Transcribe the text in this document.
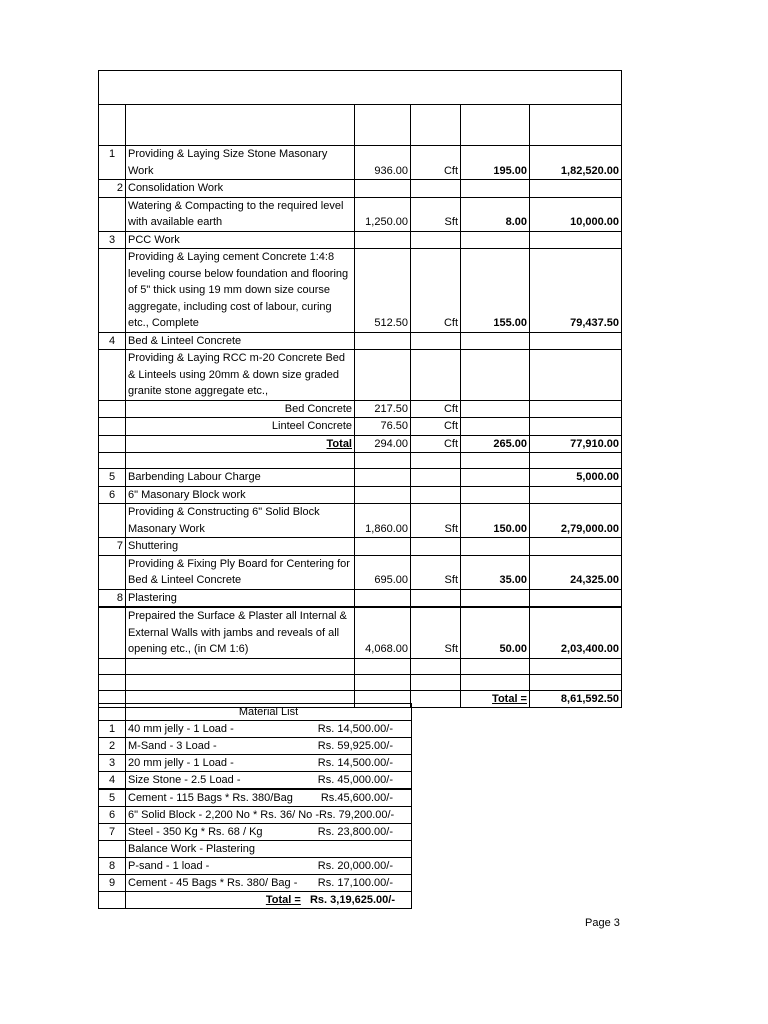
1	Providing & Laying Size Stone Masonary Work	936.00	Cft	195.00	1,82,520.00
2	Consolidation Work				
	Watering & Compacting to the required level with available earth	1,250.00	Sft	8.00	10,000.00
3	PCC Work				
	Providing & Laying cement Concrete 1:4:8 leveling course below foundation and flooring of 5" thick using 19 mm down size course aggregate, including cost of labour, curing etc., Complete	512.50	Cft	155.00	79,437.50
4	Bed & Linteel Concrete				
	Providing & Laying RCC m-20 Concrete Bed & Linteels using 20mm & down size graded granite stone aggregate etc.,				
	Bed Concrete	217.50	Cft		
	Linteel Concrete	76.50	Cft		
	Total	294.00	Cft	265.00	77,910.00

5	Barbending Labour Charge				5,000.00
6	6" Masonary Block work				
	Providing & Constructing 6" Solid Block Masonary Work	1,860.00	Sft	150.00	2,79,000.00
7	Shuttering				
	Providing & Fixing Ply Board for Centering for Bed & Linteel Concrete	695.00	Sft	35.00	24,325.00
8	Plastering				
	Prepaired the Surface & Plaster all Internal & External Walls with jambs and reveals of all opening etc., (in CM 1:6)	4,068.00	Sft	50.00	2,03,400.00

				Total =	8,61,592.50
	Material List
1	40 mm jelly - 1 Load - Rs. 14,500.00/-

2	M-Sand - 3 Load - Rs. 59,925.00/-

3	20 mm jelly - 1 Load - Rs. 14,500.00/-

4	Size Stone - 2.5 Load - Rs. 45,000.00/-

5	Cement - 115 Bags * Rs. 380/Bag Rs.45,600.00/-

6	6" Solid Block - 2,200 No * Rs. 36/ No - Rs. 79,200.00/-

7	Steel - 350 Kg * Rs. 68 / Kg Rs. 23,800.00/-

	Balance Work - Plastering
8	P-sand - 1 load - Rs. 20,000.00/-

9	Cement - 45 Bags * Rs. 380/ Bag - Rs. 17,100.00/-

	Total = Rs. 3,19,625.00/-
Page 3
